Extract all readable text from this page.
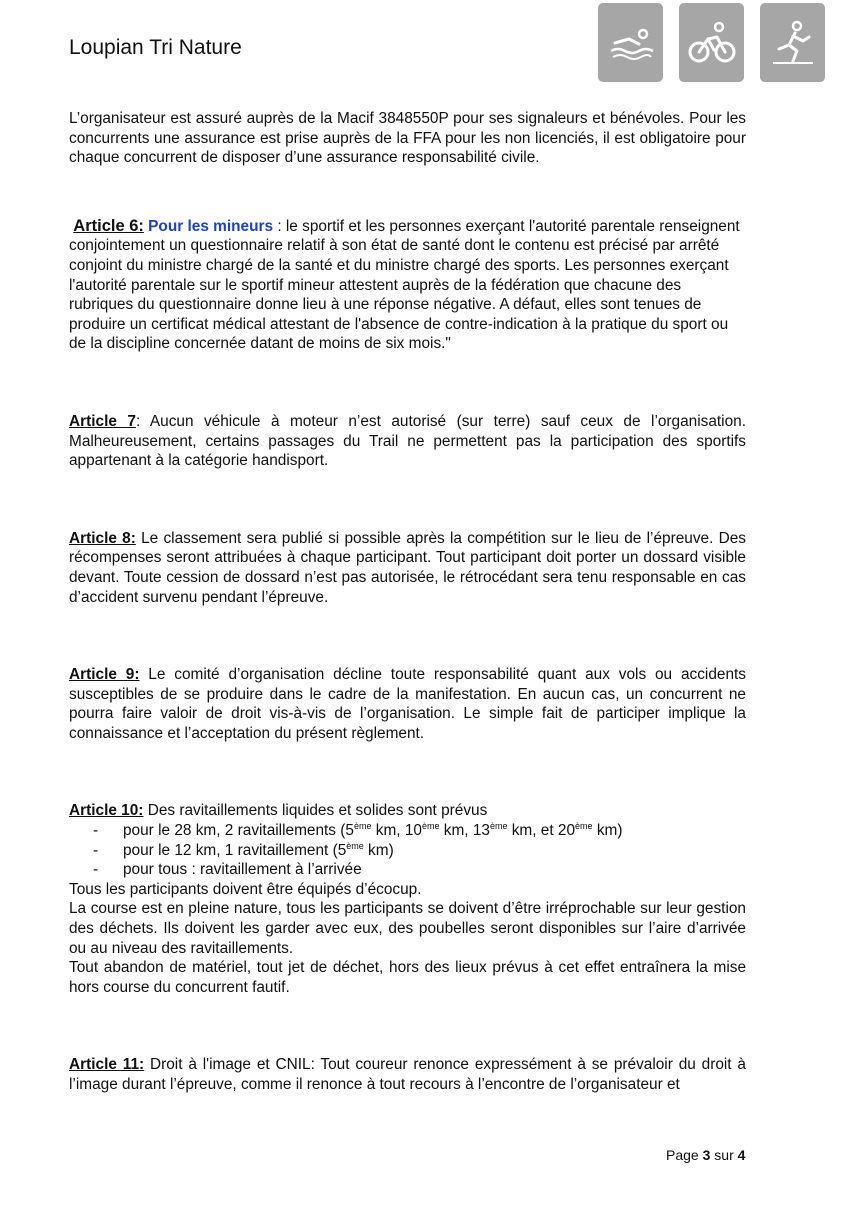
Loupian Tri Nature

L’organisateur est assuré auprès de la Macif 3848550P pour ses signaleurs et bénévoles. Pour les concurrents une assurance est prise auprès de la FFA pour les non licenciés, il est obligatoire pour chaque concurrent de disposer d’une assurance responsabilité civile.

Article 6: Pour les mineurs : le sportif et les personnes exerçant l'autorité parentale renseignent conjointement un questionnaire relatif à son état de santé dont le contenu est précisé par arrêté conjoint du ministre chargé de la santé et du ministre chargé des sports. Les personnes exerçant l'autorité parentale sur le sportif mineur attestent auprès de la fédération que chacune des rubriques du questionnaire donne lieu à une réponse négative. A défaut, elles sont tenues de produire un certificat médical attestant de l'absence de contre-indication à la pratique du sport ou de la discipline concernée datant de moins de six mois."

Article 7: Aucun véhicule à moteur n’est autorisé (sur terre) sauf ceux de l’organisation. Malheureusement, certains passages du Trail ne permettent pas la participation des sportifs appartenant à la catégorie handisport.

Article 8: Le classement sera publié si possible après la compétition sur le lieu de l’épreuve. Des récompenses seront attribuées à chaque participant. Tout participant doit porter un dossard visible devant. Toute cession de dossard n’est pas autorisée, le rétrocédant sera tenu responsable en cas d’accident survenu pendant l’épreuve.

Article 9: Le comité d’organisation décline toute responsabilité quant aux vols ou accidents susceptibles de se produire dans le cadre de la manifestation. En aucun cas, un concurrent ne pourra faire valoir de droit vis-à-vis de l’organisation. Le simple fait de participer implique la connaissance et l’acceptation du présent règlement.

Article 10: Des ravitaillements liquides et solides sont prévus

- pour le 28 km, 2 ravitaillements (5ème km, 10ème km, 13ème km, et 20ème km)
- pour le 12 km, 1 ravitaillement (5ème km)
- pour tous : ravitaillement à l’arrivée

Tous les participants doivent être équipés d’écocup.

La course est en pleine nature, tous les participants se doivent d’être irréprochable sur leur gestion des déchets. Ils doivent les garder avec eux, des poubelles seront disponibles sur l’aire d’arrivée ou au niveau des ravitaillements.

Tout abandon de matériel, tout jet de déchet, hors des lieux prévus à cet effet entraînera la mise hors course du concurrent fautif.

Article 11: Droit à l'image et CNIL: Tout coureur renonce expressément à se prévaloir du droit à l’image durant l’épreuve, comme il renonce à tout recours à l’encontre de l’organisateur et

Page 3 sur 4
